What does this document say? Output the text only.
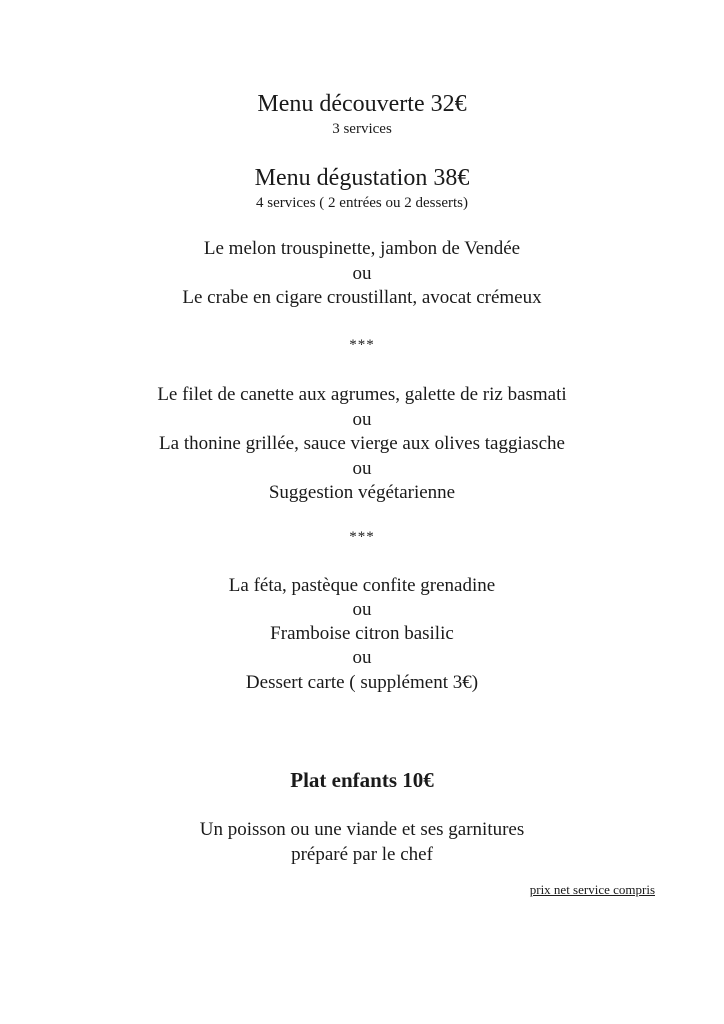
Menu découverte 32€
3 services
Menu dégustation 38€
4 services ( 2 entrées ou 2 desserts)
Le melon trouspinette, jambon de Vendée
ou
Le crabe en cigare croustillant, avocat crémeux
***
Le filet de canette aux agrumes, galette de riz basmati
ou
La thonine grillée, sauce vierge aux olives taggiasche
ou
Suggestion végétarienne
***
La féta, pastèque confite grenadine
ou
Framboise citron basilic
ou
Dessert carte ( supplément 3€)
Plat enfants 10€
Un poisson ou une viande et ses garnitures
préparé par le chef
prix net service compris
